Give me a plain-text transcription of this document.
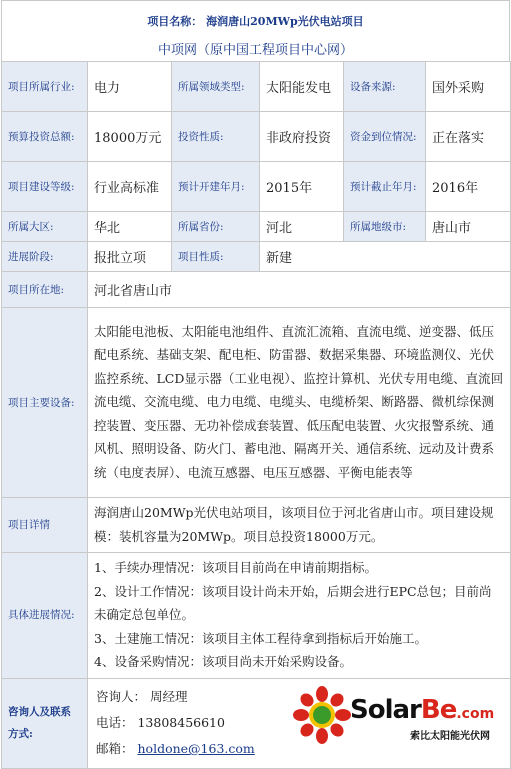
项目名称： 海润唐山20MWp光伏电站项目
中项网（原中国工程项目中心网）
项目所属行业:	电力	所属领域类型:	太阳能发电	设备来源:	国外采购
预算投资总额:	18000万元	投资性质:	非政府投资	资金到位情况:	正在落实
项目建设等级:	行业高标准	预计开建年月:	2015年	预计截止年月:	2016年
所属大区:	华北	所属省份:	河北	所属地级市:	唐山市
进展阶段:	报批立项	项目性质:	新建		
项目所在地:	河北省唐山市				
项目主要设备:	太阳能电池板、太阳能电池组件、直流汇流箱、直流电缆、逆变器、低压配电系统、基础支架、配电柜、防雷器、数据采集器、环境监测仪、光伏监控系统、LCD显示器（工业电视）、监控计算机、光伏专用电缆、直流回流电缆、交流电缆、电力电缆、电缆头、电缆桥架、断路器、微机综保测控装置、变压器、无功补偿成套装置、低压配电装置、火灾报警系统、通风机、照明设备、防火门、蓄电池、隔离开关、通信系统、远动及计费系统（电度表屏）、电流互感器、电压互感器、平衡电能表等				
项目详情	海润唐山20MWp光伏电站项目，该项目位于河北省唐山市。项目建设规模：装机容量为20MWp。项目总投资18000万元。				
具体进展情况:	1、手续办理情况：该项目目前尚在申请前期指标。
2、设计工作情况：该项目设计尚未开始，后期会进行EPC总包；目前尚未确定总包单位。
3、土建施工情况：该项目主体工程待拿到指标后开始施工。
4、设备采购情况：该项目尚未开始采购设备。				

咨询人及联系方式:	咨询人： 周经理
电话： 13808456610
邮箱： holdone@163.com
SolarBe.com
索比太阳能光伏网				
